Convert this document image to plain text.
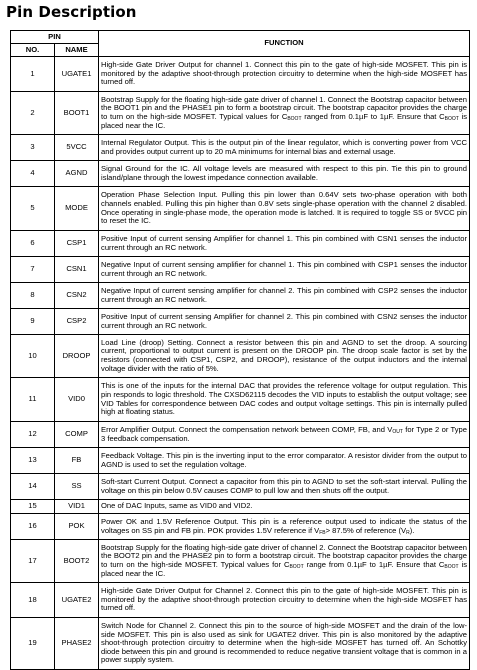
Pin Description
PIN		FUNCTION
NO.	NAME	
1	UGATE1	High-side Gate Driver Output for channel 1. Connect this pin to the gate of high-side MOSFET. This pin is monitored by the adaptive shoot-through protection circuitry to determine when the high-side MOSFET has turned off.
2	BOOT1	Bootstrap Supply for the floating high-side gate driver of channel 1. Connect the Bootstrap capacitor between the BOOT1 pin and the PHASE1 pin to form a bootstrap circuit. The bootstrap capacitor provides the charge to turn on the high-side MOSFET. Typical values for $C_{BOOT}$ ranged from 0.1µF to 1µF. Ensure that $C_{BOOT}$ is placed near the IC.
3	5VCC	Internal Regulator Output. This is the output pin of the linear regulator, which is converting power from VCC and provides output current up to 20 mA minimums for internal bias and external usage.
4	AGND	Signal Ground for the IC. All voltage levels are measured with respect to this pin. Tie this pin to ground island/plane through the lowest impedance connection available.
5	MODE	Operation Phase Selection Input. Pulling this pin lower than 0.64V sets two-phase operation with both channels enabled. Pulling this pin higher than 0.8V sets single-phase operation with the channel 2 disabled. Once operating in single-phase mode, the operation mode is latched. It is required to toggle SS or 5VCC pin to reset the IC.
6	CSP1	Positive Input of current sensing Amplifier for channel 1. This pin combined with CSN1 senses the inductor current through an RC network.
7	CSN1	Negative Input of current sensing amplifier for channel 1. This pin combined with CSP1 senses the inductor current through an RC network.
8	CSN2	Negative Input of current sensing amplifier for channel 2. This pin combined with CSP2 senses the inductor current through an RC network.
9	CSP2	Positive Input of current sensing Amplifier for channel 2. This pin combined with CSN2 senses the inductor current through an RC network.
10	DROOP	Load Line (droop) Setting. Connect a resistor between this pin and AGND to set the droop. A sourcing current, proportional to output current is present on the DROOP pin. The droop scale factor is set by the resistors (connected with CSP1, CSP2, and DROOP), resistance of the output inductors and the internal voltage divider with the ratio of 5%.
11	VID0	This is one of the inputs for the internal DAC that provides the reference voltage for output regulation. This pin responds to logic threshold. The CXSD62115 decodes the VID inputs to establish the output voltage; see VID Tables for correspondence between DAC codes and output voltage settings. This pin is internally pulled high at floating status.
12	COMP	Error Amplifier Output. Connect the compensation network between COMP, FB, and $V_{OUT}$ for Type 2 or Type 3 feedback compensation.
13	FB	Feedback Voltage. This pin is the inverting input to the error comparator. A resistor divider from the output to AGND is used to set the regulation voltage.
14	SS	Soft-start Current Output. Connect a capacitor from this pin to AGND to set the soft-start interval. Pulling the voltage on this pin below 0.5V causes COMP to pull low and then shuts off the output.
15	VID1	One of DAC Inputs, same as VID0 and VID2.
16	POK	Power OK and 1.5V Reference Output. This pin is a reference output used to indicate the status of the voltages on SS pin and FB pin. POK provides 1.5V reference if $V_{FB}> 87.5\%$ of reference $(V_R)$.
17	BOOT2	Bootstrap Supply for the floating high-side gate driver of channel 2. Connect the Bootstrap capacitor between the BOOT2 pin and the PHASE2 pin to form a bootstrap circuit. The bootstrap capacitor provides the charge to turn on the high-side MOSFET. Typical values for $C_{BOOT}$ range from 0.1µF to 1µF. Ensure that $C_{BOOT}$ is placed near the IC.
18	UGATE2	High-side Gate Driver Output for Channel 2. Connect this pin to the gate of high-side MOSFET. This pin is monitored by the adaptive shoot-through protection circuitry to determine when the high-side MOSFET has turned off.
19	PHASE2	Switch Node for Channel 2. Connect this pin to the source of high-side MOSFET and the drain of the low-side MOSFET. This pin is also used as sink for UGATE2 driver. This pin is also monitored by the adaptive shoot-through protection circuitry to determine when the high-side MOSFET has turned off. An Schottky diode between this pin and ground is recommended to reduce negative transient voltage that is common in a power supply system.
